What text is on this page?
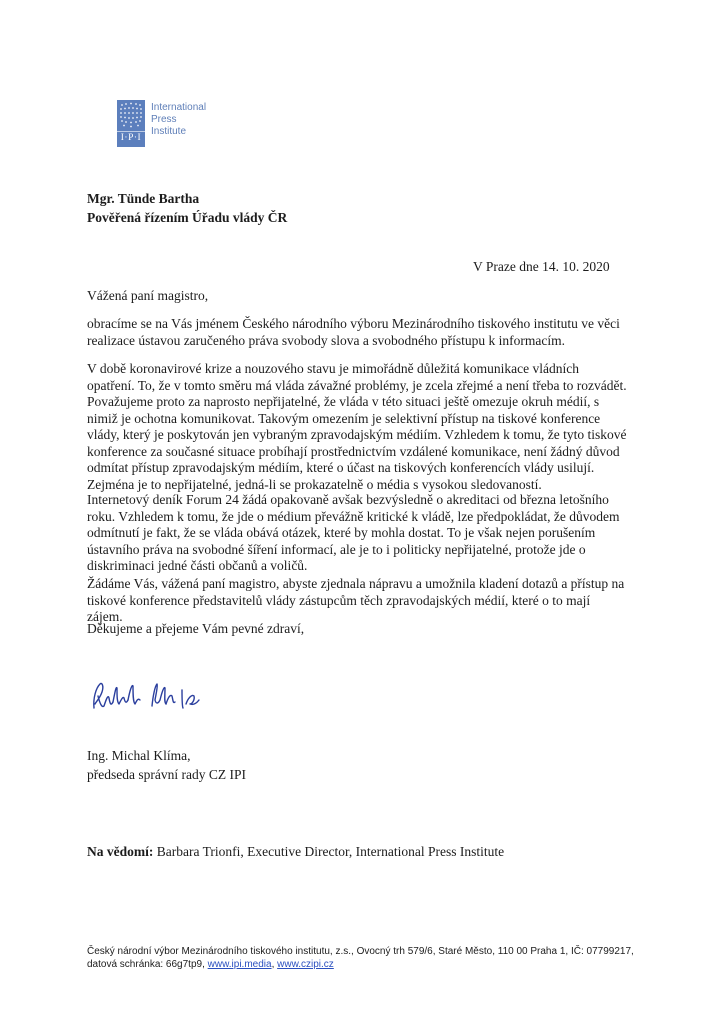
International
Press
Institute
I·P·I
Mgr. Tünde Bartha
Pověřená řízením Úřadu vlády ČR
V Praze dne 14. 10. 2020
Vážená paní magistro,

obracíme se na Vás jménem Českého národního výboru Mezinárodního tiskového institutu ve věci realizace ústavou zaručeného práva svobody slova a svobodného přístupu k informacím.

V době koronavirové krize a nouzového stavu je mimořádně důležitá komunikace vládních opatření. To, že v tomto směru má vláda závažné problémy, je zcela zřejmé a není třeba to rozvádět. Považujeme proto za naprosto nepřijatelné, že vláda v této situaci ještě omezuje okruh médií, s nimiž je ochotna komunikovat. Takovým omezením je selektivní přístup na tiskové konference vlády, který je poskytován jen vybraným zpravodajským médiím. Vzhledem k tomu, že tyto tiskové konference za současné situace probíhají prostřednictvím vzdálené komunikace, není žádný důvod odmítat přístup zpravodajským médiím, které o účast na tiskových konferencích vlády usilují. Zejména je to nepřijatelné, jedná-li se prokazatelně o média s vysokou sledovaností.

Internetový deník Forum 24 žádá opakovaně avšak bezvýsledně o akreditaci od března letošního roku. Vzhledem k tomu, že jde o médium převážně kritické k vládě, lze předpokládat, že důvodem odmítnutí je fakt, že se vláda obává otázek, které by mohla dostat. To je však nejen porušením ústavního práva na svobodné šíření informací, ale je to i politicky nepřijatelné, protože jde o diskriminaci jedné části občanů a voličů.

Žádáme Vás, vážená paní magistro, abyste zjednala nápravu a umožnila kladení dotazů a přístup na tiskové konference představitelů vlády zástupcům těch zpravodajských médií, které o to mají zájem.

Děkujeme a přejeme Vám pevné zdraví,

Ing. Michal Klíma,
předseda správní rady CZ IPI
Na vědomí: Barbara Trionfi, Executive Director, International Press Institute
Český národní výbor Mezinárodního tiskového institutu, z.s., Ovocný trh 579/6, Staré Město, 110 00 Praha 1, IČ: 07799217,
datová schránka: 66g7tp9, www.ipi.media, www.czipi.cz
